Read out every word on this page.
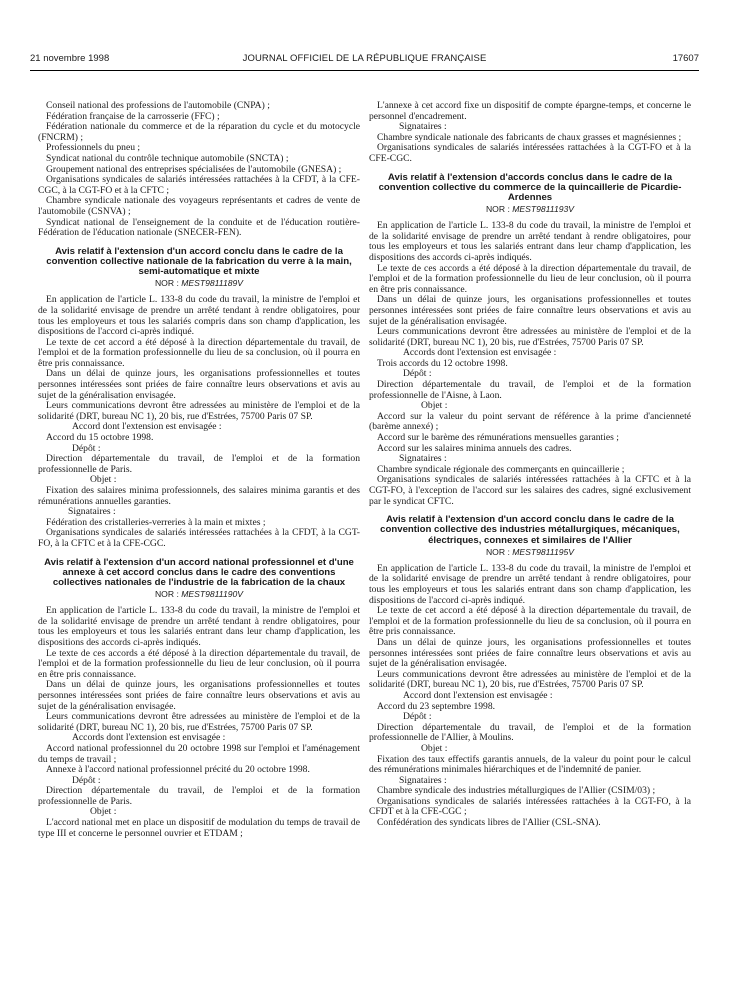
21 novembre 1998	JOURNAL OFFICIEL DE LA RÉPUBLIQUE FRANÇAISE	17607

Conseil national des professions de l'automobile (CNPA) ;

Fédération française de la carrosserie (FFC) ;

Fédération nationale du commerce et de la réparation du cycle et du motocycle (FNCRM) ;

Professionnels du pneu ;

Syndicat national du contrôle technique automobile (SNCTA) ;

Groupement national des entreprises spécialisées de l'automobile (GNESA) ;

Organisations syndicales de salariés intéressées rattachées à la CFDT, à la CFE-CGC, à la CGT-FO et à la CFTC ;

Chambre syndicale nationale des voyageurs représentants et cadres de vente de l'automobile (CSNVA) ;

Syndicat national de l'enseignement de la conduite et de l'éducation routière-Fédération de l'éducation nationale (SNECER-FEN).

Avis relatif à l'extension d'un accord conclu dans le cadre de la convention collective nationale de la fabrication du verre à la main, semi-automatique et mixte

NOR : MEST9811189V

En application de l'article L. 133-8 du code du travail, la ministre de l'emploi et de la solidarité envisage de prendre un arrêté tendant à rendre obligatoires, pour tous les employeurs et tous les salariés compris dans son champ d'application, les dispositions de l'accord ci-après indiqué.

Le texte de cet accord a été déposé à la direction départementale du travail, de l'emploi et de la formation professionnelle du lieu de sa conclusion, où il pourra en être pris connaissance.

Dans un délai de quinze jours, les organisations professionnelles et toutes personnes intéressées sont priées de faire connaître leurs observations et avis au sujet de la généralisation envisagée.

Leurs communications devront être adressées au ministère de l'emploi et de la solidarité (DRT, bureau NC 1), 20 bis, rue d'Estrées, 75700 Paris 07 SP.

Accord dont l'extension est envisagée :

Accord du 15 octobre 1998.

Dépôt :

Direction départementale du travail, de l'emploi et de la formation professionnelle de Paris.

Objet :

Fixation des salaires minima professionnels, des salaires minima garantis et des rémunérations annuelles garanties.

Signataires :

Fédération des cristalleries-verreries à la main et mixtes ;

Organisations syndicales de salariés intéressées rattachées à la CFDT, à la CGT-FO, à la CFTC et à la CFE-CGC.

Avis relatif à l'extension d'un accord national professionnel et d'une annexe à cet accord conclus dans le cadre des conventions collectives nationales de l'industrie de la fabrication de la chaux

NOR : MEST9811190V

En application de l'article L. 133-8 du code du travail, la ministre de l'emploi et de la solidarité envisage de prendre un arrêté tendant à rendre obligatoires, pour tous les employeurs et tous les salariés entrant dans leur champ d'application, les dispositions des accords ci-après indiqués.

Le texte de ces accords a été déposé à la direction départementale du travail, de l'emploi et de la formation professionnelle du lieu de leur conclusion, où il pourra en être pris connaissance.

Dans un délai de quinze jours, les organisations professionnelles et toutes personnes intéressées sont priées de faire connaître leurs observations et avis au sujet de la généralisation envisagée.

Leurs communications devront être adressées au ministère de l'emploi et de la solidarité (DRT, bureau NC 1), 20 bis, rue d'Estrées, 75700 Paris 07 SP.

Accords dont l'extension est envisagée :

Accord national professionnel du 20 octobre 1998 sur l'emploi et l'aménagement du temps de travail ;

Annexe à l'accord national professionnel précité du 20 octobre 1998.

Dépôt :

Direction départementale du travail, de l'emploi et de la formation professionnelle de Paris.

Objet :

L'accord national met en place un dispositif de modulation du temps de travail de type III et concerne le personnel ouvrier et ETDAM ;

L'annexe à cet accord fixe un dispositif de compte épargne-temps, et concerne le personnel d'encadrement.

Signataires :

Chambre syndicale nationale des fabricants de chaux grasses et magnésiennes ;

Organisations syndicales de salariés intéressées rattachées à la CGT-FO et à la CFE-CGC.

Avis relatif à l'extension d'accords conclus dans le cadre de la convention collective du commerce de la quincaillerie de Picardie-Ardennes

NOR : MEST9811193V

En application de l'article L. 133-8 du code du travail, la ministre de l'emploi et de la solidarité envisage de prendre un arrêté tendant à rendre obligatoires, pour tous les employeurs et tous les salariés entrant dans leur champ d'application, les dispositions des accords ci-après indiqués.

Le texte de ces accords a été déposé à la direction départementale du travail, de l'emploi et de la formation professionnelle du lieu de leur conclusion, où il pourra en être pris connaissance.

Dans un délai de quinze jours, les organisations professionnelles et toutes personnes intéressées sont priées de faire connaître leurs observations et avis au sujet de la généralisation envisagée.

Leurs communications devront être adressées au ministère de l'emploi et de la solidarité (DRT, bureau NC 1), 20 bis, rue d'Estrées, 75700 Paris 07 SP.

Accords dont l'extension est envisagée :

Trois accords du 12 octobre 1998.

Dépôt :

Direction départementale du travail, de l'emploi et de la formation professionnelle de l'Aisne, à Laon.

Objet :

Accord sur la valeur du point servant de référence à la prime d'ancienneté (barème annexé) ;

Accord sur le barème des rémunérations mensuelles garanties ;

Accord sur les salaires minima annuels des cadres.

Signataires :

Chambre syndicale régionale des commerçants en quincaillerie ;

Organisations syndicales de salariés intéressées rattachées à la CFTC et à la CGT-FO, à l'exception de l'accord sur les salaires des cadres, signé exclusivement par le syndicat CFTC.

Avis relatif à l'extension d'un accord conclu dans le cadre de la convention collective des industries métallurgiques, mécaniques, électriques, connexes et similaires de l'Allier

NOR : MEST9811195V

En application de l'article L. 133-8 du code du travail, la ministre de l'emploi et de la solidarité envisage de prendre un arrêté tendant à rendre obligatoires, pour tous les employeurs et tous les salariés entrant dans son champ d'application, les dispositions de l'accord ci-après indiqué.

Le texte de cet accord a été déposé à la direction départementale du travail, de l'emploi et de la formation professionnelle du lieu de sa conclusion, où il pourra en être pris connaissance.

Dans un délai de quinze jours, les organisations professionnelles et toutes personnes intéressées sont priées de faire connaître leurs observations et avis au sujet de la généralisation envisagée.

Leurs communications devront être adressées au ministère de l'emploi et de la solidarité (DRT, bureau NC 1), 20 bis, rue d'Estrées, 75700 Paris 07 SP.

Accord dont l'extension est envisagée :

Accord du 23 septembre 1998.

Dépôt :

Direction départementale du travail, de l'emploi et de la formation professionnelle de l'Allier, à Moulins.

Objet :

Fixation des taux effectifs garantis annuels, de la valeur du point pour le calcul des rémunérations minimales hiérarchiques et de l'indemnité de panier.

Signataires :

Chambre syndicale des industries métallurgiques de l'Allier (CSIM/03) ;

Organisations syndicales de salariés intéressées rattachées à la CGT-FO, à la CFDT et à la CFE-CGC ;

Confédération des syndicats libres de l'Allier (CSL-SNA).
